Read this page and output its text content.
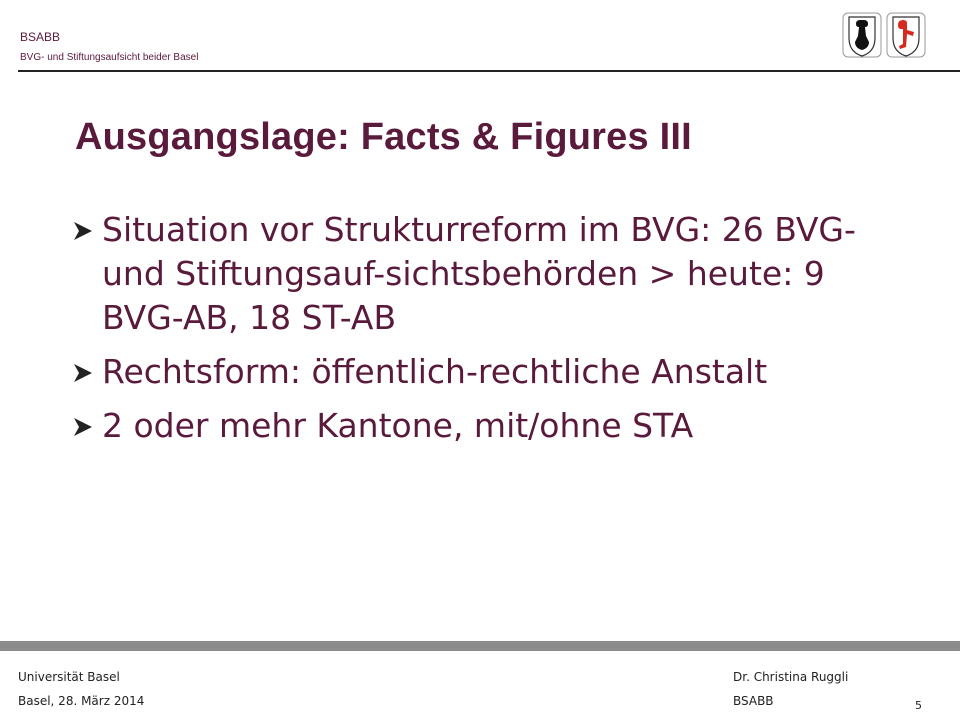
BSABB
BVG- und Stiftungsaufsicht beider Basel
Ausgangslage: Facts & Figures III
Situation vor Strukturreform im BVG: 26 BVG- und Stiftungsauf-sichtsbehörden > heute: 9 BVG-AB, 18 ST-AB
Rechtsform: öffentlich-rechtliche Anstalt
2 oder mehr Kantone, mit/ohne STA
Universität Basel
Basel, 28. März 2014
Dr. Christina Ruggli
BSABB	5
